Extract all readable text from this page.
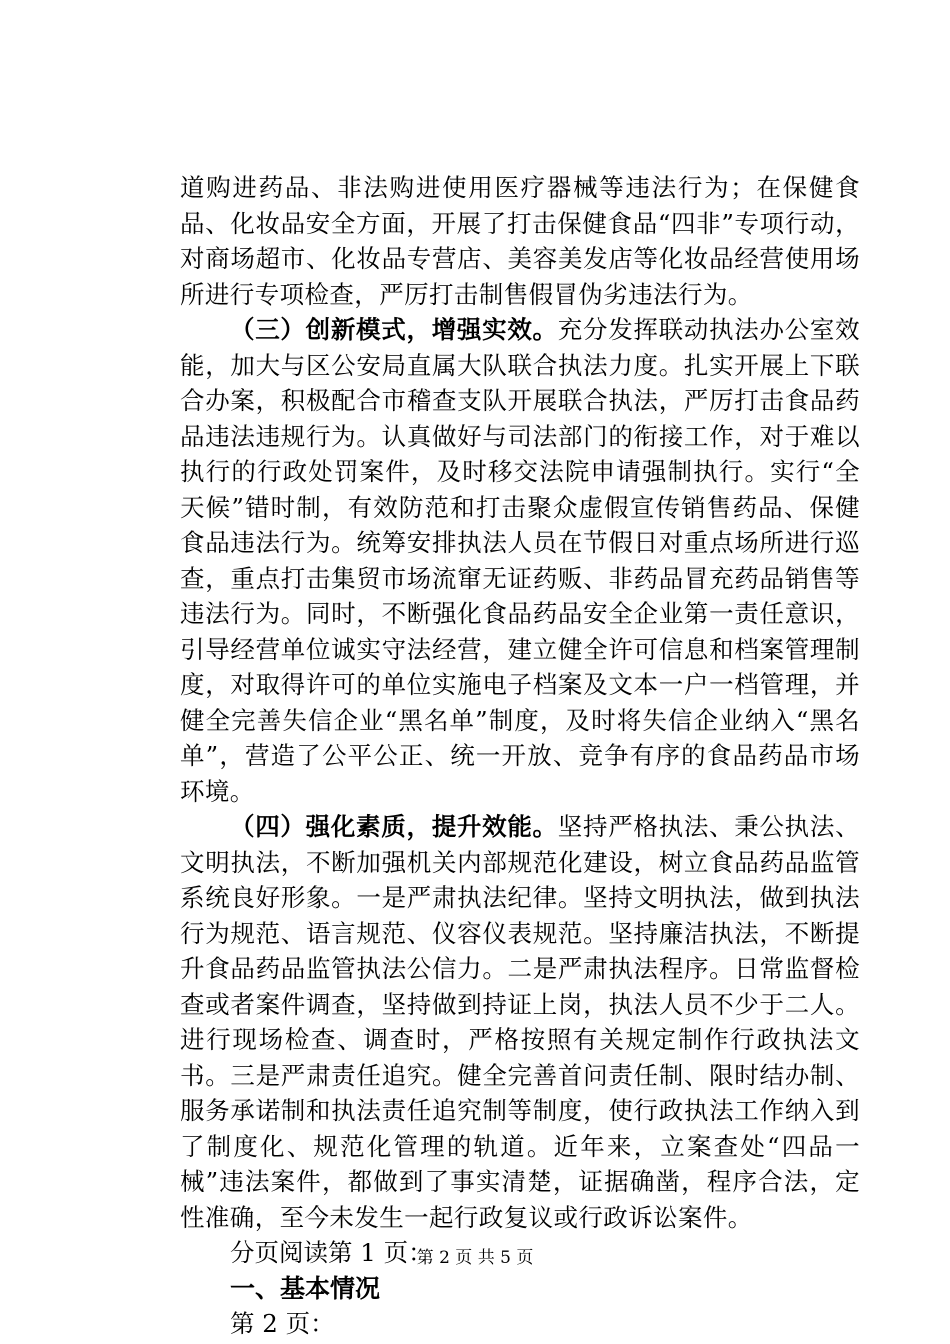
道购进药品、非法购进使用医疗器械等违法行为；在保健食品、化妆品安全方面，开展了打击保健食品“四非”专项行动，对商场超市、化妆品专营店、美容美发店等化妆品经营使用场所进行专项检查，严厉打击制售假冒伪劣违法行为。

（三）创新模式，增强实效。充分发挥联动执法办公室效能，加大与区公安局直属大队联合执法力度。扎实开展上下联合办案，积极配合市稽查支队开展联合执法，严厉打击食品药品违法违规行为。认真做好与司法部门的衔接工作，对于难以执行的行政处罚案件，及时移交法院申请强制执行。实行“全天候”错时制，有效防范和打击聚众虚假宣传销售药品、保健食品违法行为。统筹安排执法人员在节假日对重点场所进行巡查，重点打击集贸市场流窜无证药贩、非药品冒充药品销售等违法行为。同时，不断强化食品药品安全企业第一责任意识，引导经营单位诚实守法经营，建立健全许可信息和档案管理制度，对取得许可的单位实施电子档案及文本一户一档管理，并健全完善失信企业“黑名单”制度，及时将失信企业纳入“黑名单”，营造了公平公正、统一开放、竞争有序的食品药品市场环境。

（四）强化素质，提升效能。坚持严格执法、秉公执法、文明执法，不断加强机关内部规范化建设，树立食品药品监管系统良好形象。一是严肃执法纪律。坚持文明执法，做到执法行为规范、语言规范、仪容仪表规范。坚持廉洁执法，不断提升食品药品监管执法公信力。二是严肃执法程序。日常监督检查或者案件调查，坚持做到持证上岗，执法人员不少于二人。进行现场检查、调查时，严格按照有关规定制作行政执法文书。三是严肃责任追究。健全完善首问责任制、限时结办制、服务承诺制和执法责任追究制等制度，使行政执法工作纳入到了制度化、规范化管理的轨道。近年来，立案查处“四品一械”违法案件，都做到了事实清楚，证据确凿，程序合法，定性准确，至今未发生一起行政复议或行政诉讼案件。

分页阅读第 1 页：

一、基本情况

第 2 页：

第 2 页 共 5 页
